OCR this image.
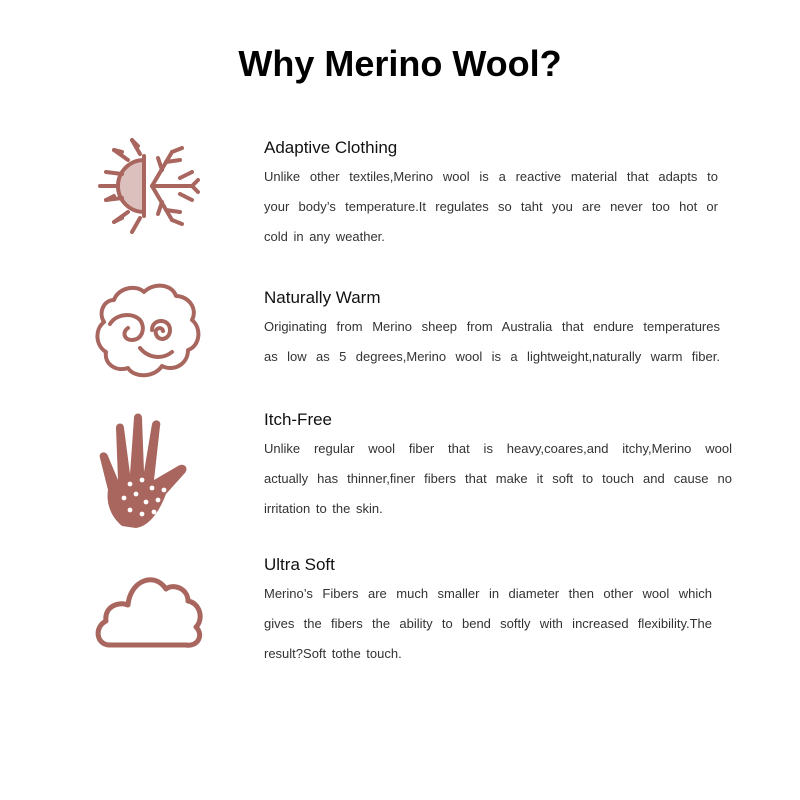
Why Merino Wool?
Adaptive Clothing
Unlike other textiles,Merino wool is a reactive material that adapts to
your body’s temperature.It regulates so taht you are never too hot or
cold in any weather.
Naturally Warm
Originating from Merino sheep from Australia that endure temperatures
as low as 5 degrees,Merino wool is a lightweight,naturally warm fiber.
Itch-Free
Unlike regular wool fiber that is heavy,coares,and itchy,Merino wool
actually has thinner,finer fibers that make it soft to touch and cause no
irritation to the skin.
Ultra Soft
Merino’s Fibers are much smaller in diameter then other wool which
gives the fibers the ability to bend softly with increased flexibility.The
result?Soft tothe touch.
